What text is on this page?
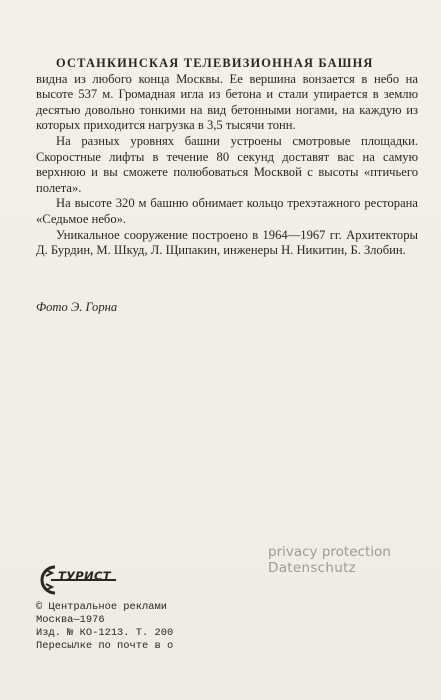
ОСТАНКИНСКАЯ ТЕЛЕВИЗИОННАЯ БАШНЯ
видна из любого конца Москвы. Ее вершина вонзается в небо на высоте 537 м. Громадная игла из бетона и стали упирается в землю десятью довольно тонкими на вид бетонными ногами, на каждую из которых приходится нагрузка в 3,5 тысячи тонн.

На разных уровнях башни устроены смотровые площадки. Скоростные лифты в течение 80 секунд доставят вас на самую верхнюю и вы сможете полюбоваться Москвой с высоты «птичьего полета».

На высоте 320 м башню обнимает кольцо трехэтажного ресторана «Седьмое небо».

Уникальное сооружение построено в 1964—1967 гг. Архитекторы Д. Бурдин, М. Шкуд, Л. Щипакин, инженеры Н. Никитин, Б. Злобин.

Фото Э. Горна
privacy protection
Datenschutz
ТУРИСТ
© Центральное реклами
Москва—1976
Изд. № КО-1213. Т. 200
Пересылке по почте в о
